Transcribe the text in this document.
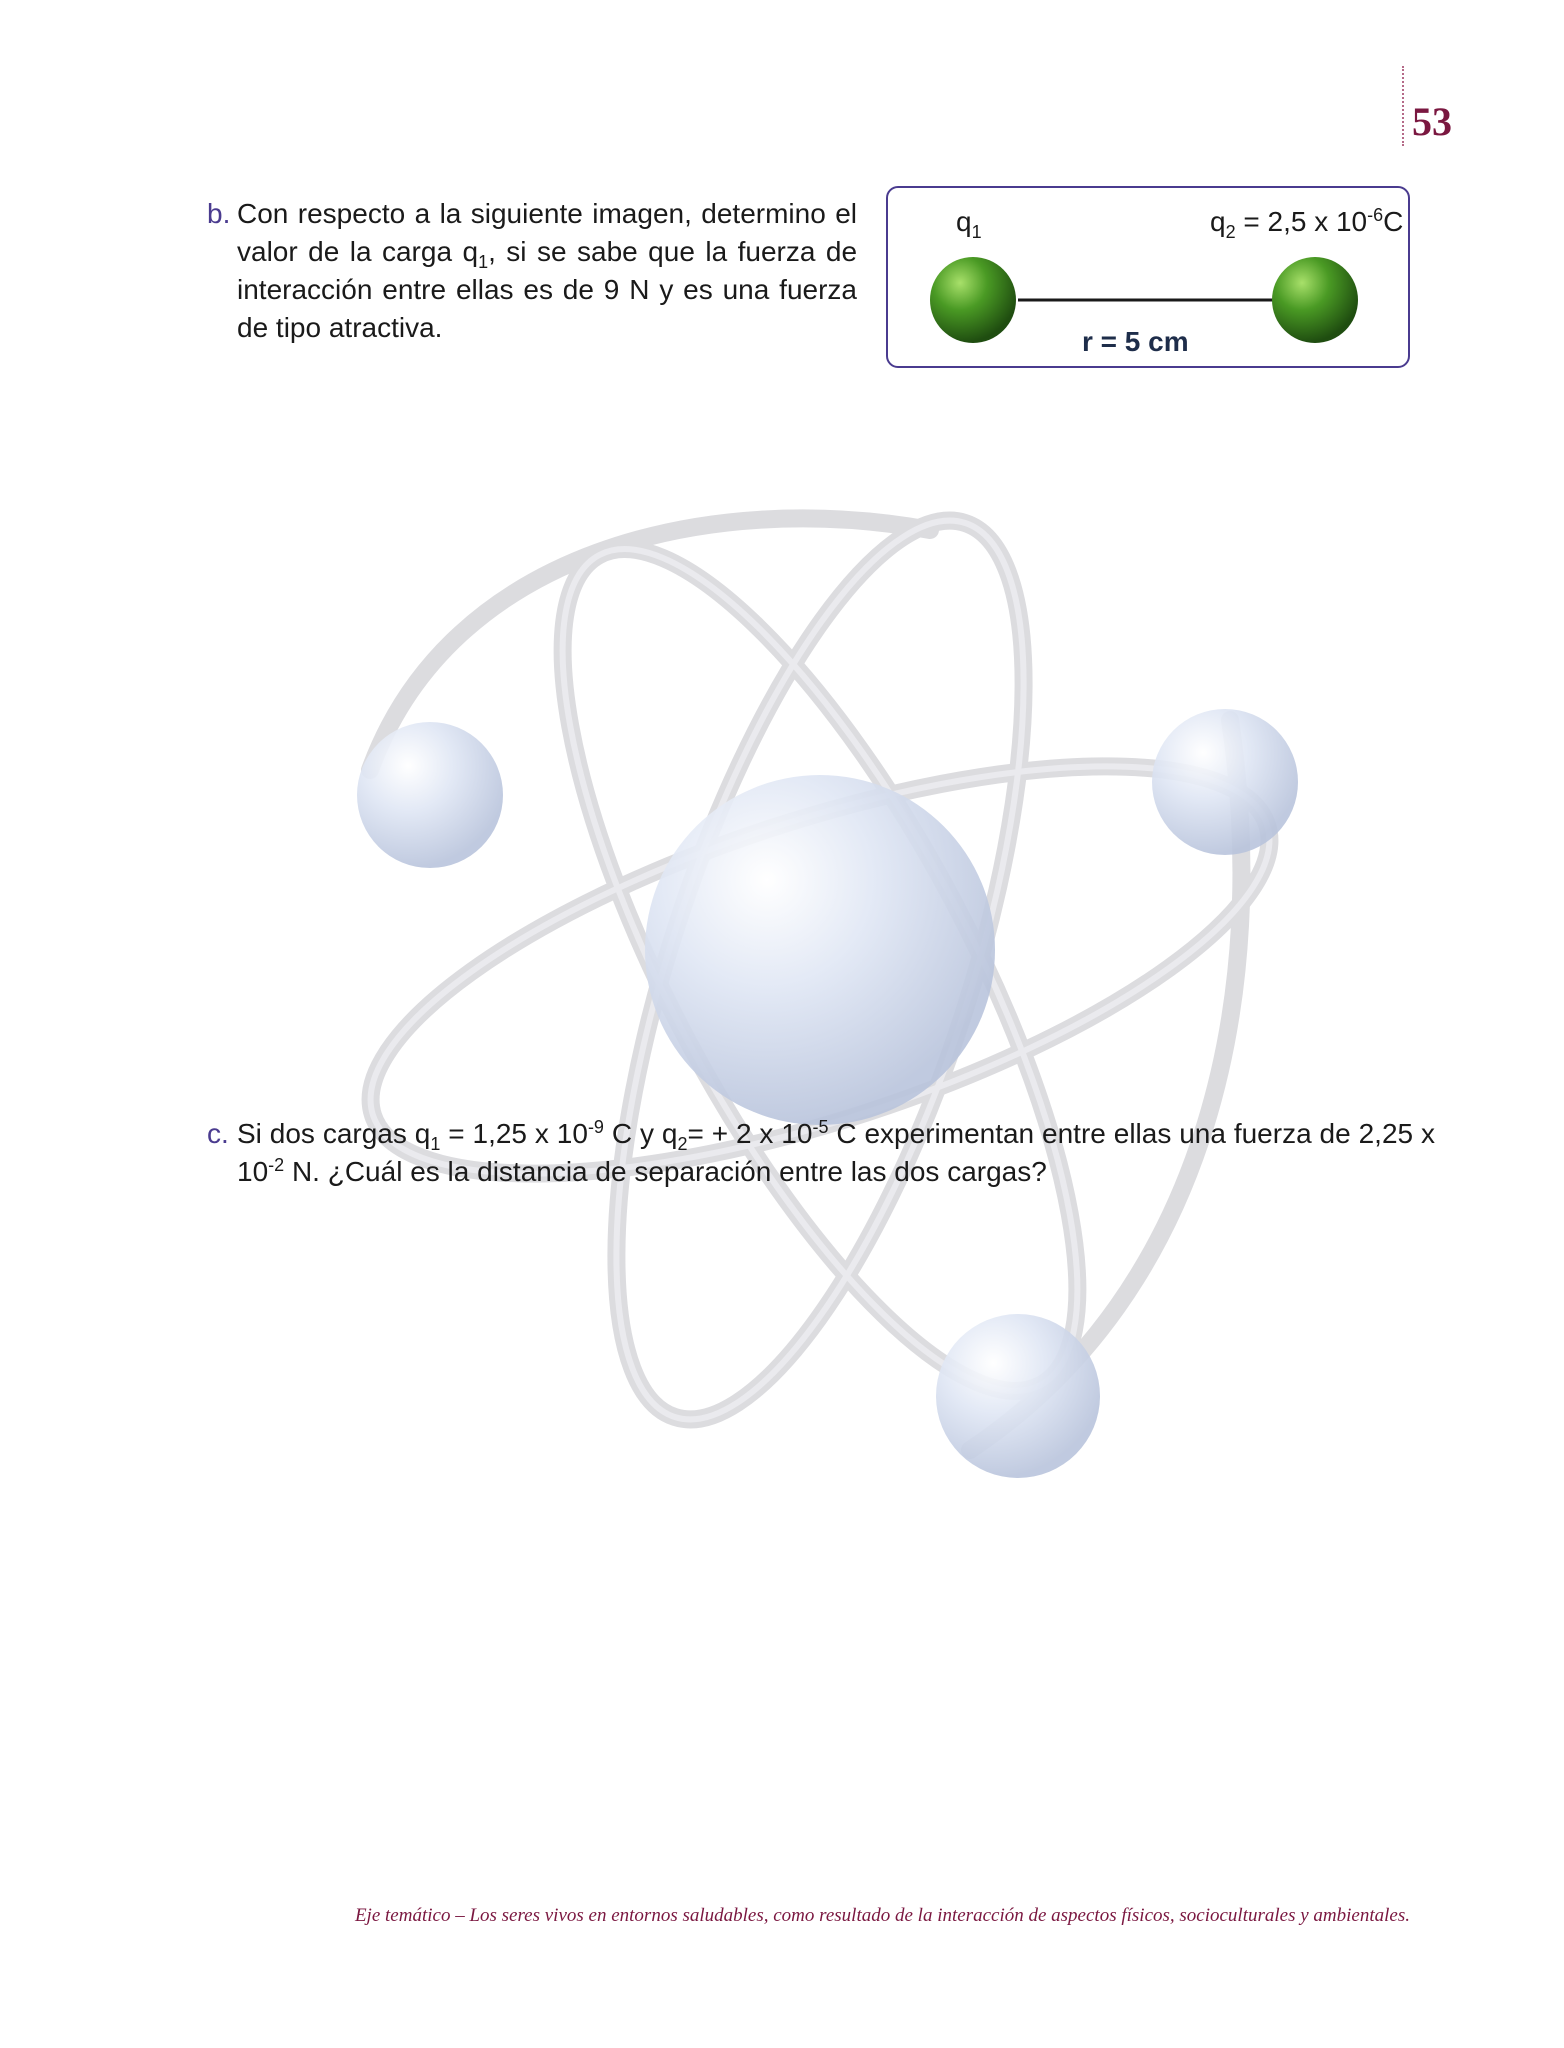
53
b. Con respecto a la siguiente imagen, determino el valor de la carga $q_1$, si se sabe que la fuerza de interacción entre ellas es de 9 N y es una fuerza de tipo atractiva.
$q_1$	$q_2 = 2,5$ x $10^{-6}C$
r = 5 cm
c. Si dos cargas $q_1 = 1,25$ x $10^{-9}$ C y $q_2= + 2$ x $10^{-5}$ C experimentan entre ellas una fuerza de 2,25 x $10^{-2}$ N. ¿Cuál es la distancia de separación entre las dos cargas?
Eje temático – Los seres vivos en entornos saludables, como resultado de la interacción de aspectos físicos, socioculturales y ambientales.
